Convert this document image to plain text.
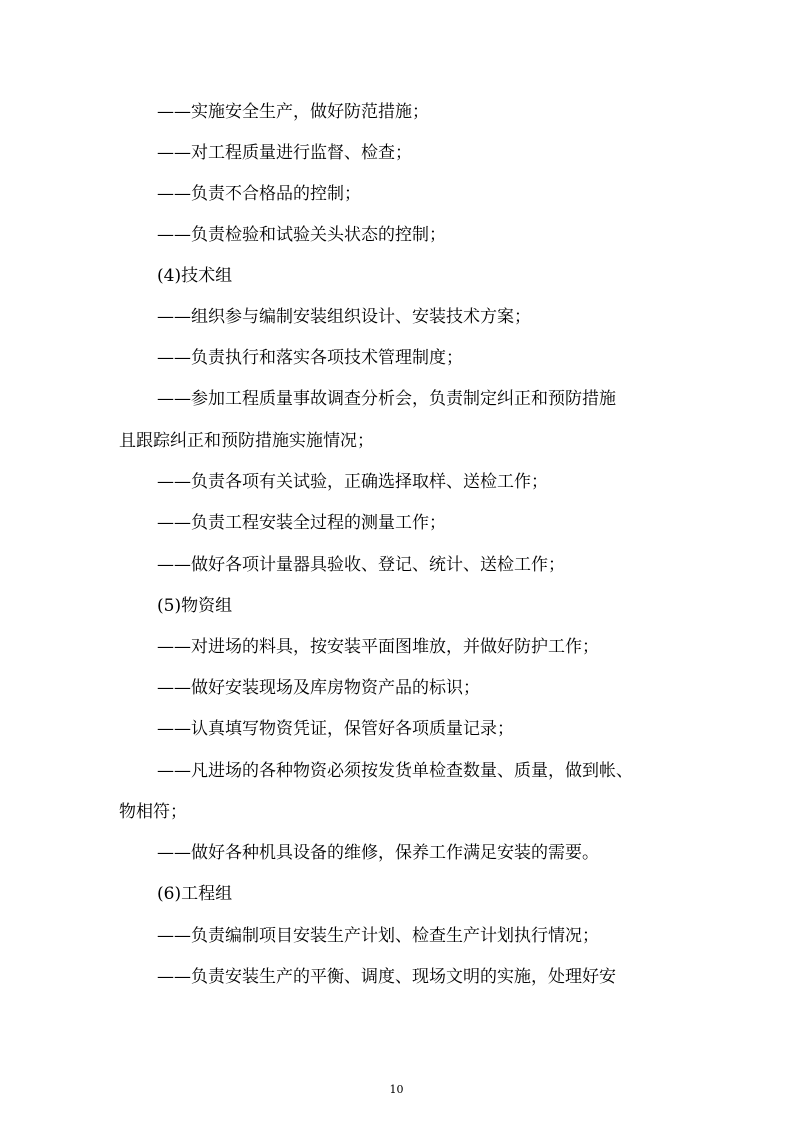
——实施安全生产，做好防范措施；
——对工程质量进行监督、检查；
——负责不合格品的控制；
——负责检验和试验关头状态的控制；
(4)技术组
——组织参与编制安装组织设计、安装技术方案；
——负责执行和落实各项技术管理制度；
——参加工程质量事故调查分析会，负责制定纠正和预防措施
且跟踪纠正和预防措施实施情况；
——负责各项有关试验，正确选择取样、送检工作；
——负责工程安装全过程的测量工作；
——做好各项计量器具验收、登记、统计、送检工作；
(5)物资组
——对进场的料具，按安装平面图堆放，并做好防护工作；
——做好安装现场及库房物资产品的标识；
——认真填写物资凭证，保管好各项质量记录；
——凡进场的各种物资必须按发货单检查数量、质量，做到帐、
物相符；
——做好各种机具设备的维修，保养工作满足安装的需要。
(6)工程组
——负责编制项目安装生产计划、检查生产计划执行情况；
——负责安装生产的平衡、调度、现场文明的实施，处理好安
10
